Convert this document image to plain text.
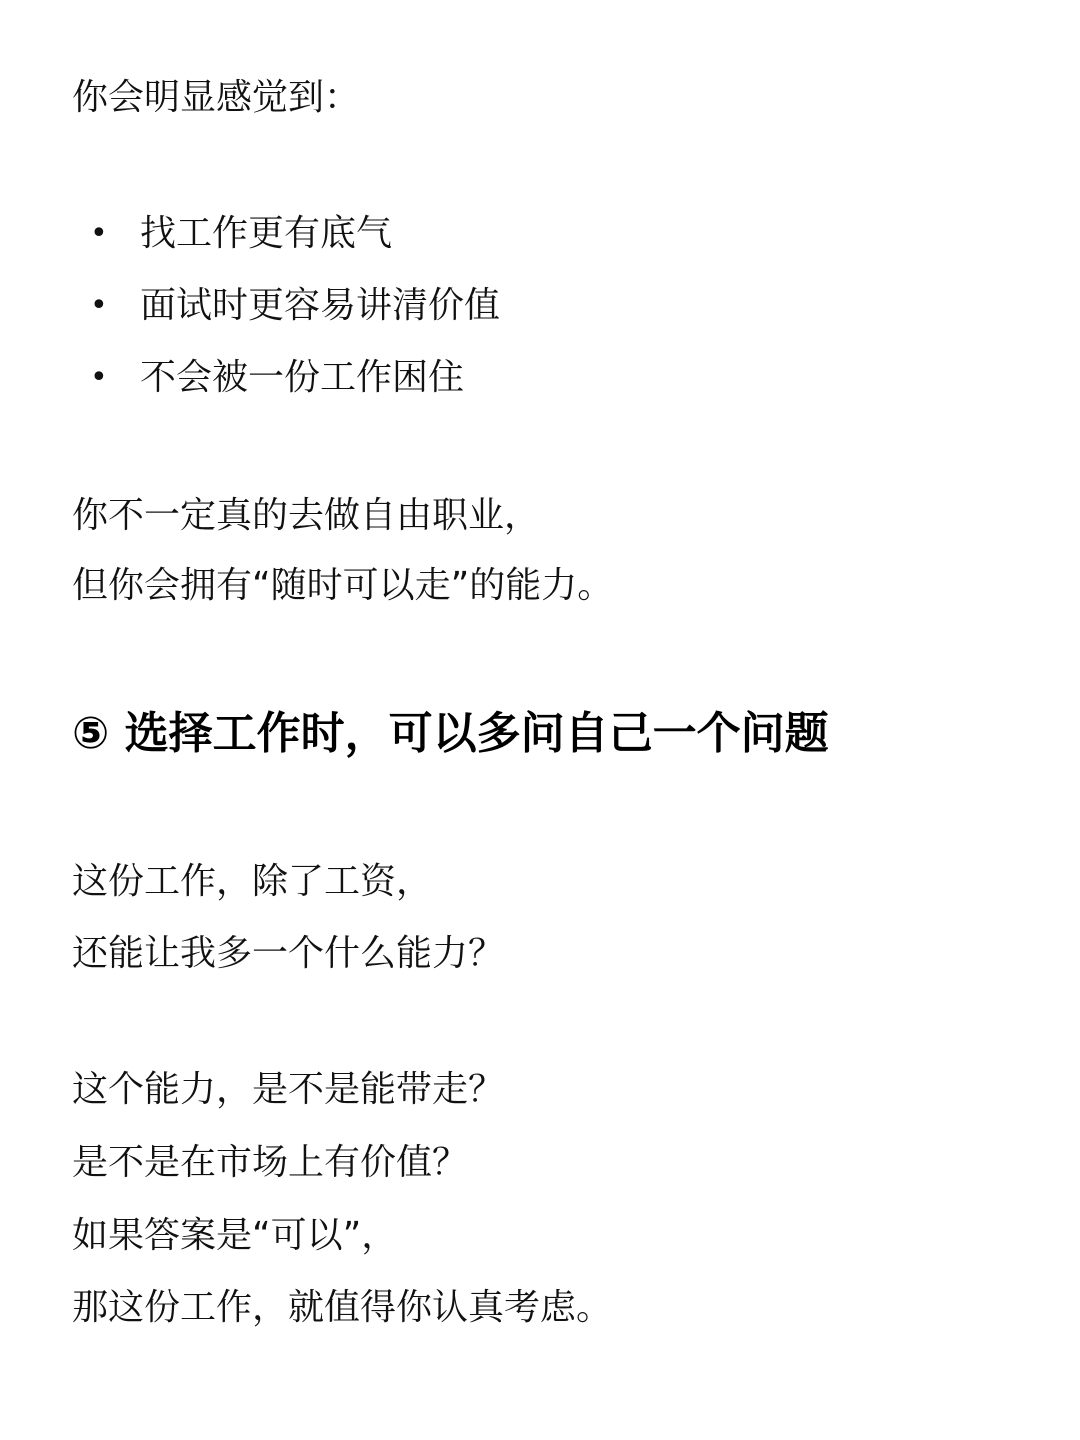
你会明显感觉到：
• 找工作更有底气
• 面试时更容易讲清价值
• 不会被一份工作困住
你不一定真的去做自由职业，
但你会拥有“随时可以走”的能力。
⑤ 选择工作时，可以多问自己一个问题
这份工作，除了工资，
还能让我多一个什么能力？
这个能力，是不是能带走？
是不是在市场上有价值？
如果答案是“可以”，
那这份工作，就值得你认真考虑。
